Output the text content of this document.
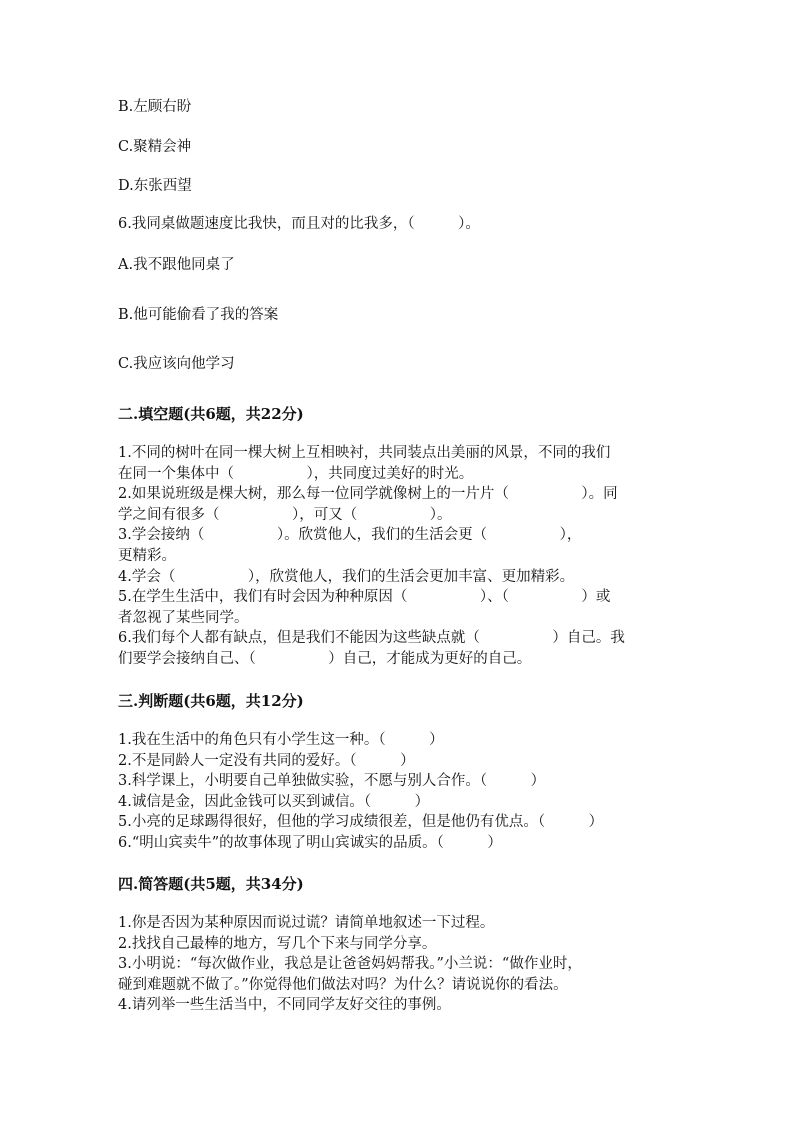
B.左顾右盼
C.聚精会神
D.东张西望
6.我同桌做题速度比我快，而且对的比我多，（　　　）。
A.我不跟他同桌了
B.他可能偷看了我的答案
C.我应该向他学习
二.填空题(共6题，共22分)
1.不同的树叶在同一棵大树上互相映衬，共同装点出美丽的风景，不同的我们
在同一个集体中（　　　　　），共同度过美好的时光。
2.如果说班级是棵大树，那么每一位同学就像树上的一片片（　　　　　）。同
学之间有很多（　　　　　），可又（　　　　　）。
3.学会接纳（　　　　　）。欣赏他人，我们的生活会更（　　　　　），
更精彩。
4.学会（　　　　　），欣赏他人，我们的生活会更加丰富、更加精彩。
5.在学生生活中，我们有时会因为种种原因（　　　　　）、（　　　　　）或
者忽视了某些同学。
6.我们每个人都有缺点，但是我们不能因为这些缺点就（　　　　　）自己。我
们要学会接纳自己、（　　　　　）自己，才能成为更好的自己。
三.判断题(共6题，共12分)
1.我在生活中的角色只有小学生这一种。（　　　）
2.不是同龄人一定没有共同的爱好。（　　　）
3.科学课上，小明要自己单独做实验，不愿与别人合作。（　　　）
4.诚信是金，因此金钱可以买到诚信。（　　　）
5.小亮的足球踢得很好，但他的学习成绩很差，但是他仍有优点。（　　　）
6.“明山宾卖牛”的故事体现了明山宾诚实的品质。（　　　）
四.简答题(共5题，共34分)
1.你是否因为某种原因而说过谎？请简单地叙述一下过程。
2.找找自己最棒的地方，写几个下来与同学分享。
3.小明说：“每次做作业，我总是让爸爸妈妈帮我。”小兰说：“做作业时，
碰到难题就不做了。”你觉得他们做法对吗？为什么？请说说你的看法。
4.请列举一些生活当中，不同同学友好交往的事例。
